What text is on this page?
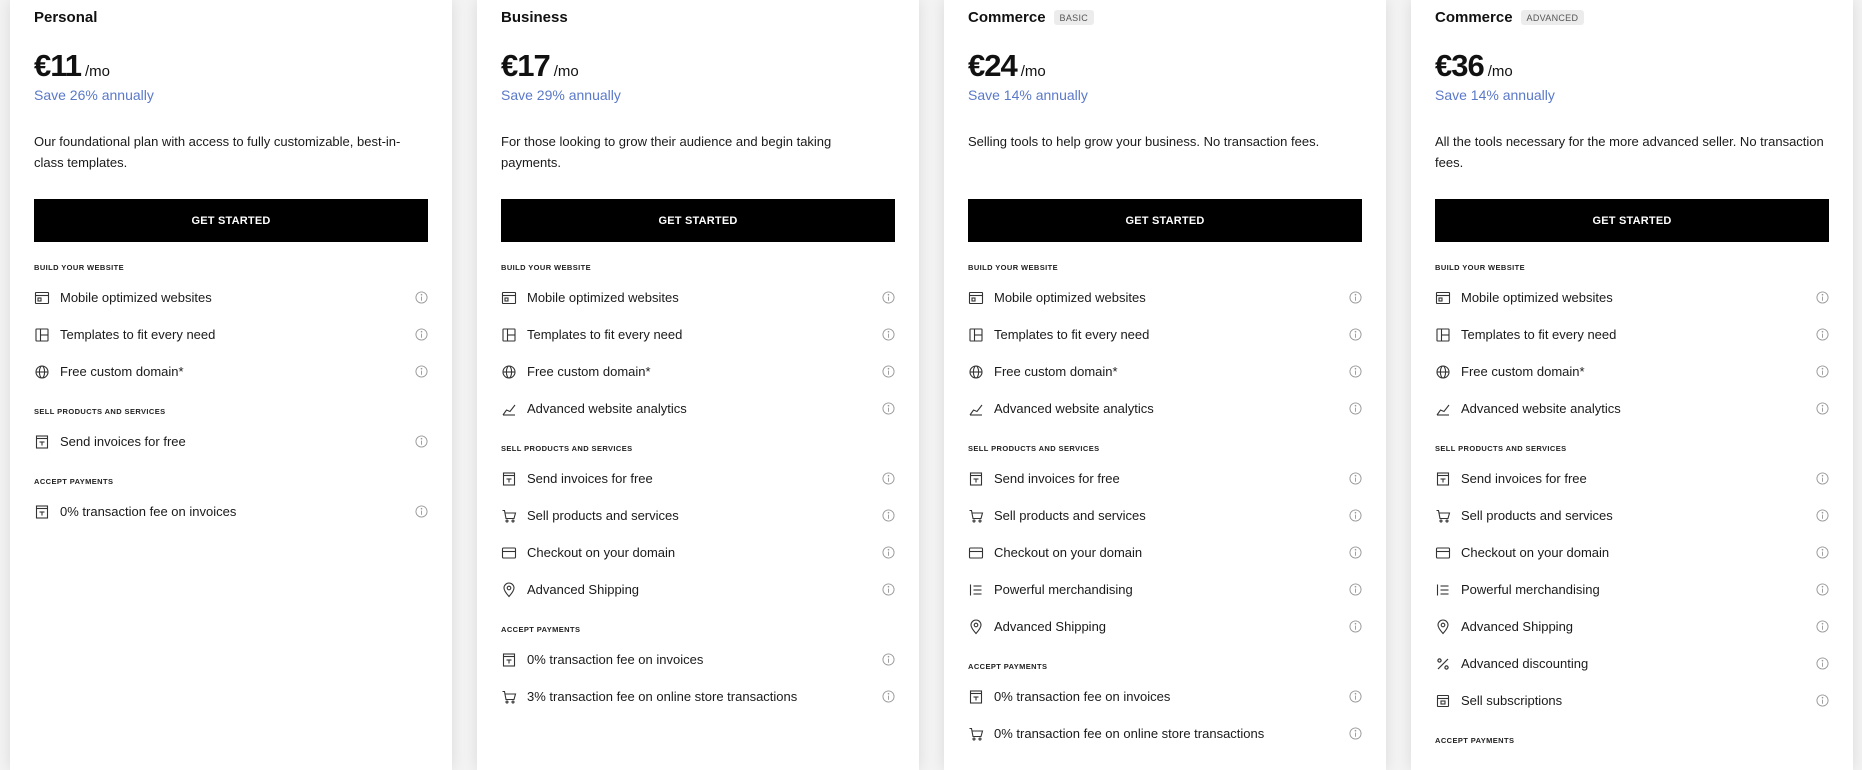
Personal
€11 /mo
Save 26% annually
Our foundational plan with access to fully customizable, best-in-class templates.
GET STARTED
BUILD YOUR WEBSITE
Mobile optimized websites
Templates to fit every need
Free custom domain*
SELL PRODUCTS AND SERVICES
Send invoices for free
ACCEPT PAYMENTS
0% transaction fee on invoices
Business
€17 /mo
Save 29% annually
For those looking to grow their audience and begin taking payments.
GET STARTED
BUILD YOUR WEBSITE
Mobile optimized websites
Templates to fit every need
Free custom domain*
Advanced website analytics
SELL PRODUCTS AND SERVICES
Send invoices for free
Sell products and services
Checkout on your domain
Advanced Shipping
ACCEPT PAYMENTS
0% transaction fee on invoices
3% transaction fee on online store transactions
Commerce	BASIC
€24 /mo
Save 14% annually
Selling tools to help grow your business. No transaction fees.
GET STARTED
BUILD YOUR WEBSITE
Mobile optimized websites
Templates to fit every need
Free custom domain*
Advanced website analytics
SELL PRODUCTS AND SERVICES
Send invoices for free
Sell products and services
Checkout on your domain
Powerful merchandising
Advanced Shipping
ACCEPT PAYMENTS
0% transaction fee on invoices
0% transaction fee on online store transactions
Commerce	ADVANCED
€36 /mo
Save 14% annually
All the tools necessary for the more advanced seller. No transaction fees.
GET STARTED
BUILD YOUR WEBSITE
Mobile optimized websites
Templates to fit every need
Free custom domain*
Advanced website analytics
SELL PRODUCTS AND SERVICES
Send invoices for free
Sell products and services
Checkout on your domain
Powerful merchandising
Advanced Shipping
Advanced discounting
Sell subscriptions
ACCEPT PAYMENTS
